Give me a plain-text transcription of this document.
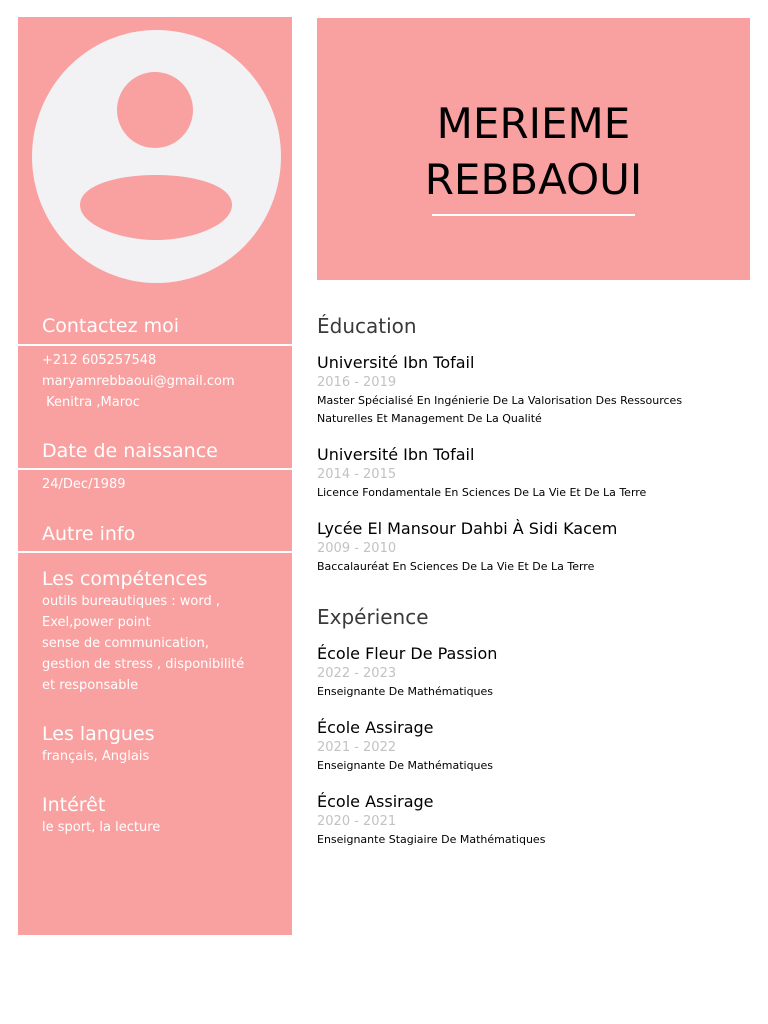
Contactez moi
+212 605257548
maryamrebbaoui@gmail.com
Kenitra ,Maroc
Date de naissance
24/Dec/1989
Autre info
Les compétences
outils bureautiques : word ,
Exel,power point
sense de communication,
gestion de stress , disponibilité
et responsable
Les langues
français, Anglais
Intérêt
le sport, la lecture
MERIEME
REBBAOUI
Éducation
Université Ibn Tofail
2016 - 2019
Master Spécialisé En Ingénierie De La Valorisation Des Ressources
Naturelles Et Management De La Qualité
Université Ibn Tofail
2014 - 2015
Licence Fondamentale En Sciences De La Vie Et De La Terre
Lycée El Mansour Dahbi À Sidi Kacem
2009 - 2010
Baccalauréat En Sciences De La Vie Et De La Terre
Expérience
École Fleur De Passion
2022 - 2023
Enseignante De Mathématiques
École Assirage
2021 - 2022
Enseignante De Mathématiques
École Assirage
2020 - 2021
Enseignante Stagiaire De Mathématiques
